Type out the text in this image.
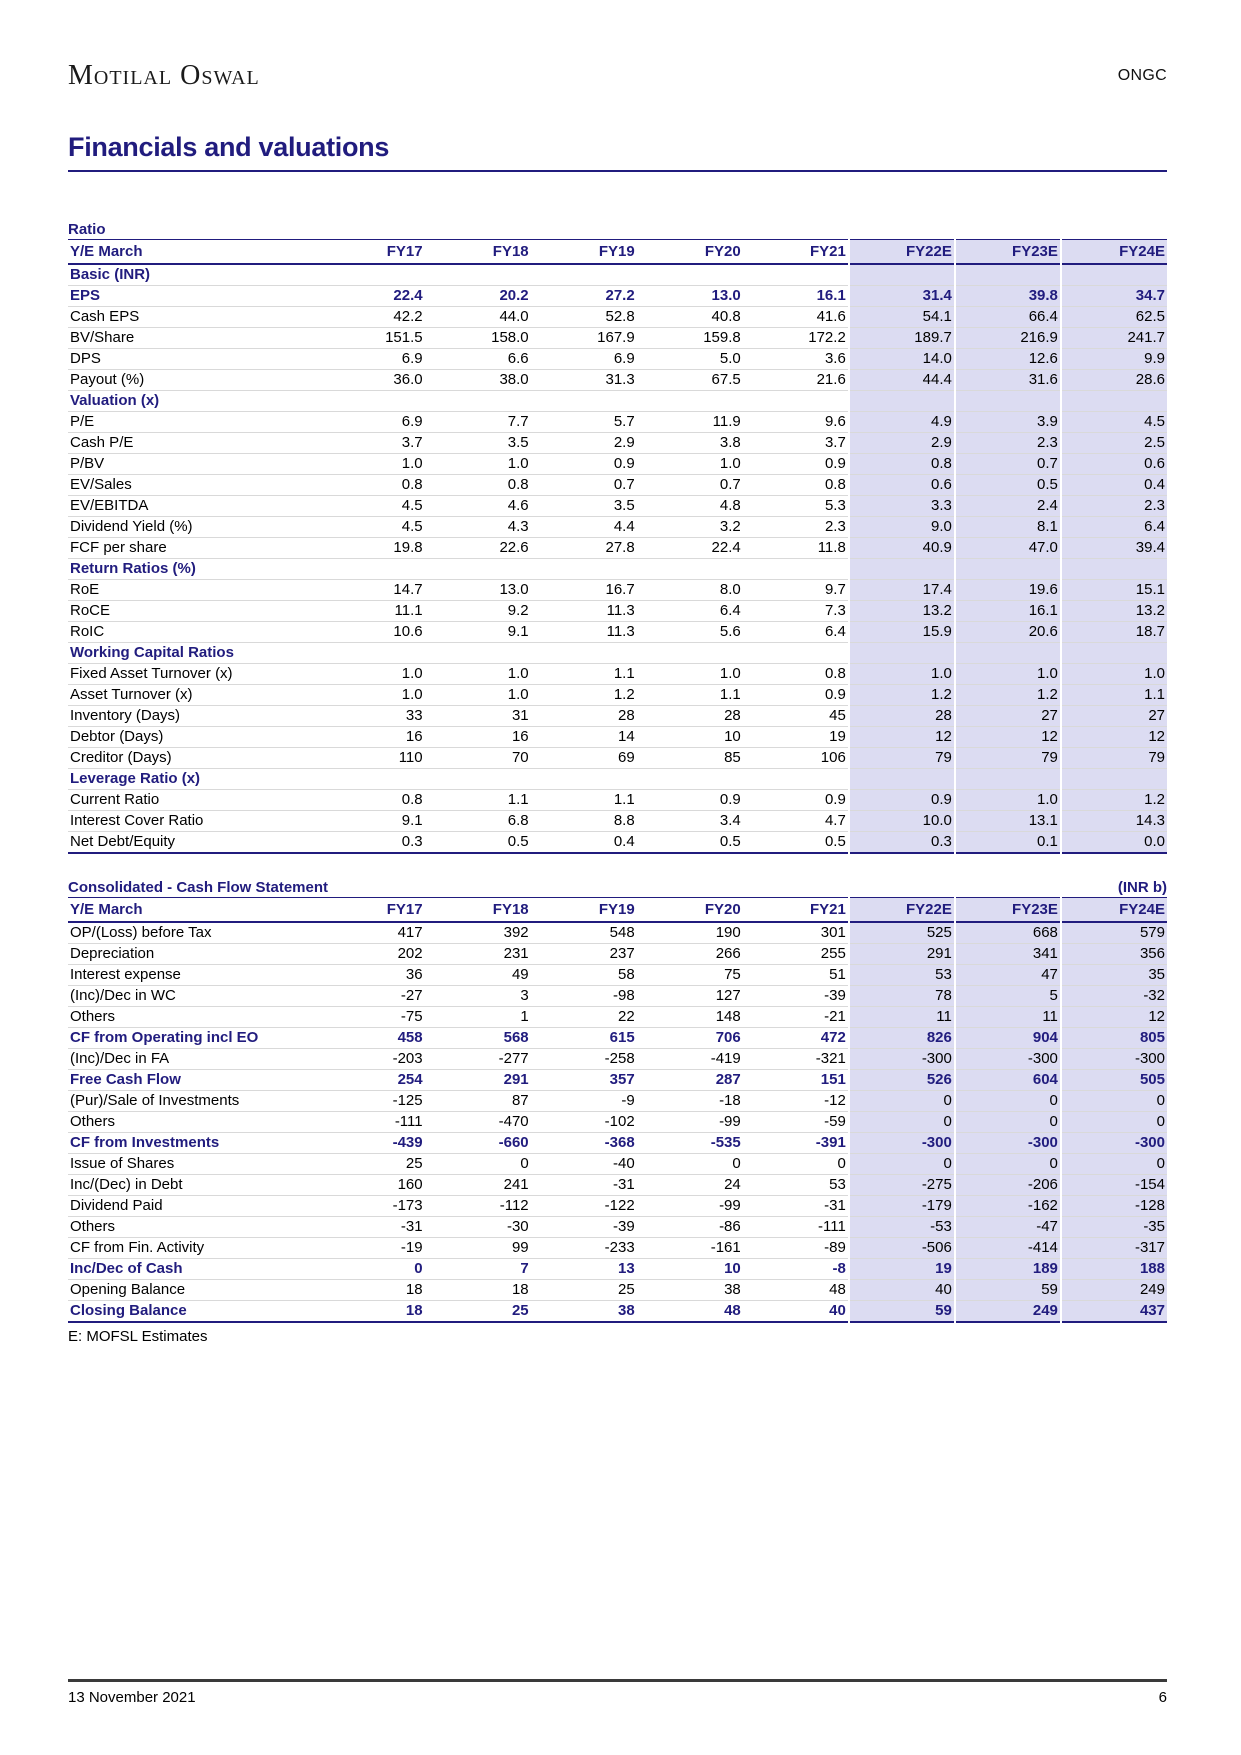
Motilal Oswal	ONGC
Financials and valuations
Ratio
Y/E March	FY17	FY18	FY19	FY20	FY21	FY22E	FY23E	FY24E
Basic (INR)								
EPS	22.4	20.2	27.2	13.0	16.1	31.4	39.8	34.7
Cash EPS	42.2	44.0	52.8	40.8	41.6	54.1	66.4	62.5
BV/Share	151.5	158.0	167.9	159.8	172.2	189.7	216.9	241.7
DPS	6.9	6.6	6.9	5.0	3.6	14.0	12.6	9.9
Payout (%)	36.0	38.0	31.3	67.5	21.6	44.4	31.6	28.6
Valuation (x)								
P/E	6.9	7.7	5.7	11.9	9.6	4.9	3.9	4.5
Cash P/E	3.7	3.5	2.9	3.8	3.7	2.9	2.3	2.5
P/BV	1.0	1.0	0.9	1.0	0.9	0.8	0.7	0.6
EV/Sales	0.8	0.8	0.7	0.7	0.8	0.6	0.5	0.4
EV/EBITDA	4.5	4.6	3.5	4.8	5.3	3.3	2.4	2.3
Dividend Yield (%)	4.5	4.3	4.4	3.2	2.3	9.0	8.1	6.4
FCF per share	19.8	22.6	27.8	22.4	11.8	40.9	47.0	39.4
Return Ratios (%)								
RoE	14.7	13.0	16.7	8.0	9.7	17.4	19.6	15.1
RoCE	11.1	9.2	11.3	6.4	7.3	13.2	16.1	13.2
RoIC	10.6	9.1	11.3	5.6	6.4	15.9	20.6	18.7
Working Capital Ratios								
Fixed Asset Turnover (x)	1.0	1.0	1.1	1.0	0.8	1.0	1.0	1.0
Asset Turnover (x)	1.0	1.0	1.2	1.1	0.9	1.2	1.2	1.1
Inventory (Days)	33	31	28	28	45	28	27	27
Debtor (Days)	16	16	14	10	19	12	12	12
Creditor (Days)	110	70	69	85	106	79	79	79
Leverage Ratio (x)								
Current Ratio	0.8	1.1	1.1	0.9	0.9	0.9	1.0	1.2
Interest Cover Ratio	9.1	6.8	8.8	3.4	4.7	10.0	13.1	14.3
Net Debt/Equity	0.3	0.5	0.4	0.5	0.5	0.3	0.1	0.0
Consolidated - Cash Flow Statement	(INR b)
Y/E March	FY17	FY18	FY19	FY20	FY21	FY22E	FY23E	FY24E
OP/(Loss) before Tax	417	392	548	190	301	525	668	579
Depreciation	202	231	237	266	255	291	341	356
Interest expense	36	49	58	75	51	53	47	35
(Inc)/Dec in WC	-27	3	-98	127	-39	78	5	-32
Others	-75	1	22	148	-21	11	11	12
CF from Operating incl EO	458	568	615	706	472	826	904	805
(Inc)/Dec in FA	-203	-277	-258	-419	-321	-300	-300	-300
Free Cash Flow	254	291	357	287	151	526	604	505
(Pur)/Sale of Investments	-125	87	-9	-18	-12	0	0	0
Others	-111	-470	-102	-99	-59	0	0	0
CF from Investments	-439	-660	-368	-535	-391	-300	-300	-300
Issue of Shares	25	0	-40	0	0	0	0	0
Inc/(Dec) in Debt	160	241	-31	24	53	-275	-206	-154
Dividend Paid	-173	-112	-122	-99	-31	-179	-162	-128
Others	-31	-30	-39	-86	-111	-53	-47	-35
CF from Fin. Activity	-19	99	-233	-161	-89	-506	-414	-317
Inc/Dec of Cash	0	7	13	10	-8	19	189	188
Opening Balance	18	18	25	38	48	40	59	249
Closing Balance	18	25	38	48	40	59	249	437
E: MOFSL Estimates
13 November 2021	6
